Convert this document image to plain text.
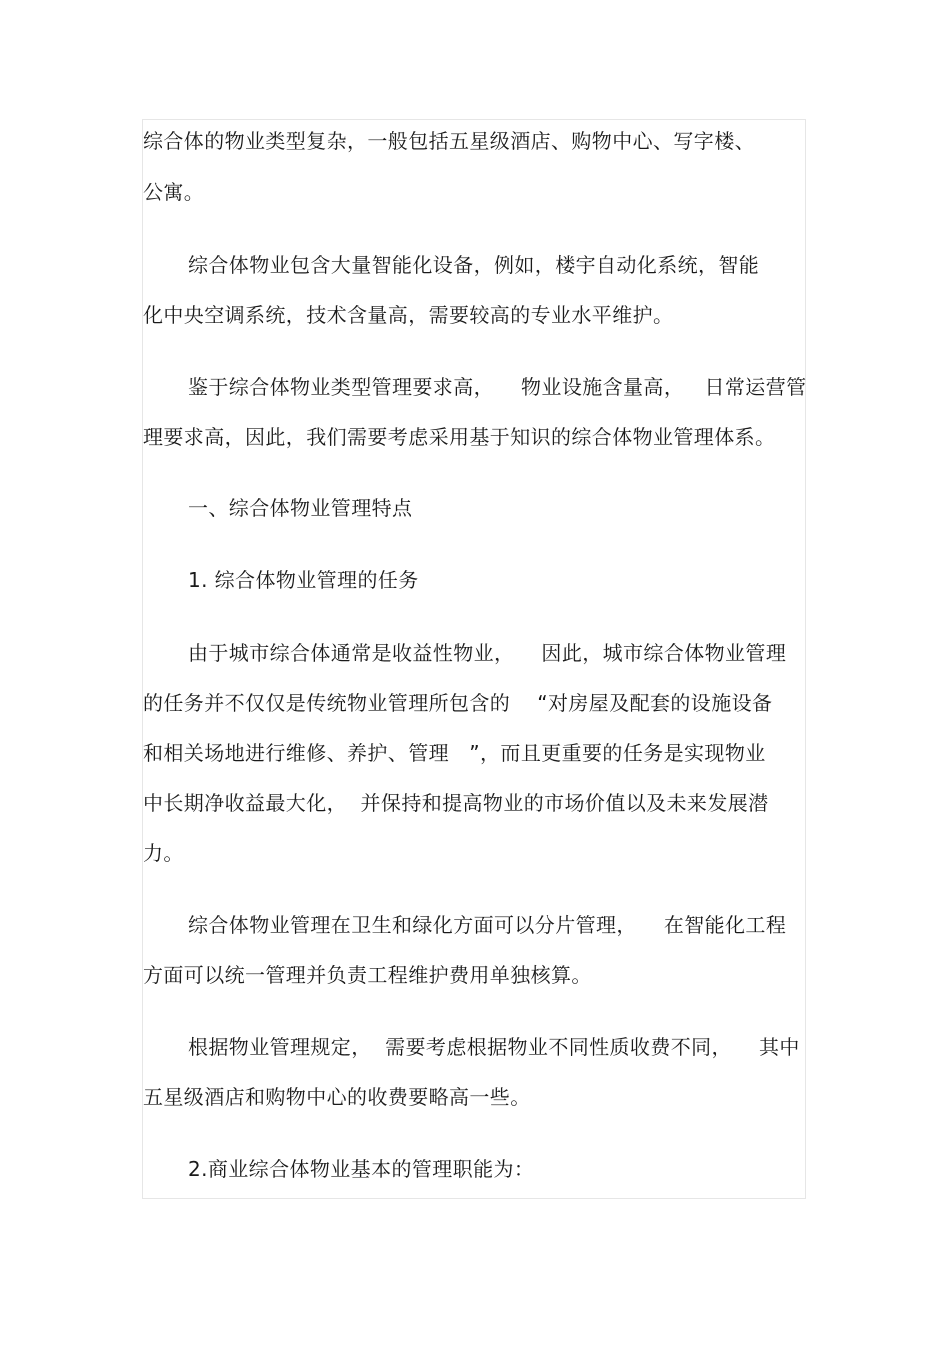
综合体的物业类型复杂，一般包括五星级酒店、购物中心、写字楼、
公寓。
综合体物业包含大量智能化设备，例如，楼宇自动化系统，智能
化中央空调系统，技术含量高，需要较高的专业水平维护。
鉴于综合体物业类型管理要求高，    物业设施含量高，   日常运营管
理要求高，因此，我们需要考虑采用基于知识的综合体物业管理体系。
一、综合体物业管理特点
1. 综合体物业管理的任务
由于城市综合体通常是收益性物业，    因此，城市综合体物业管理
的任务并不仅仅是传统物业管理所包含的    “对房屋及配套的设施设备
和相关场地进行维修、养护、管理   ”，而且更重要的任务是实现物业
中长期净收益最大化，  并保持和提高物业的市场价值以及未来发展潜
力。
综合体物业管理在卫生和绿化方面可以分片管理，    在智能化工程
方面可以统一管理并负责工程维护费用单独核算。
根据物业管理规定，  需要考虑根据物业不同性质收费不同，    其中
五星级酒店和购物中心的收费要略高一些。
2.商业综合体物业基本的管理职能为：
